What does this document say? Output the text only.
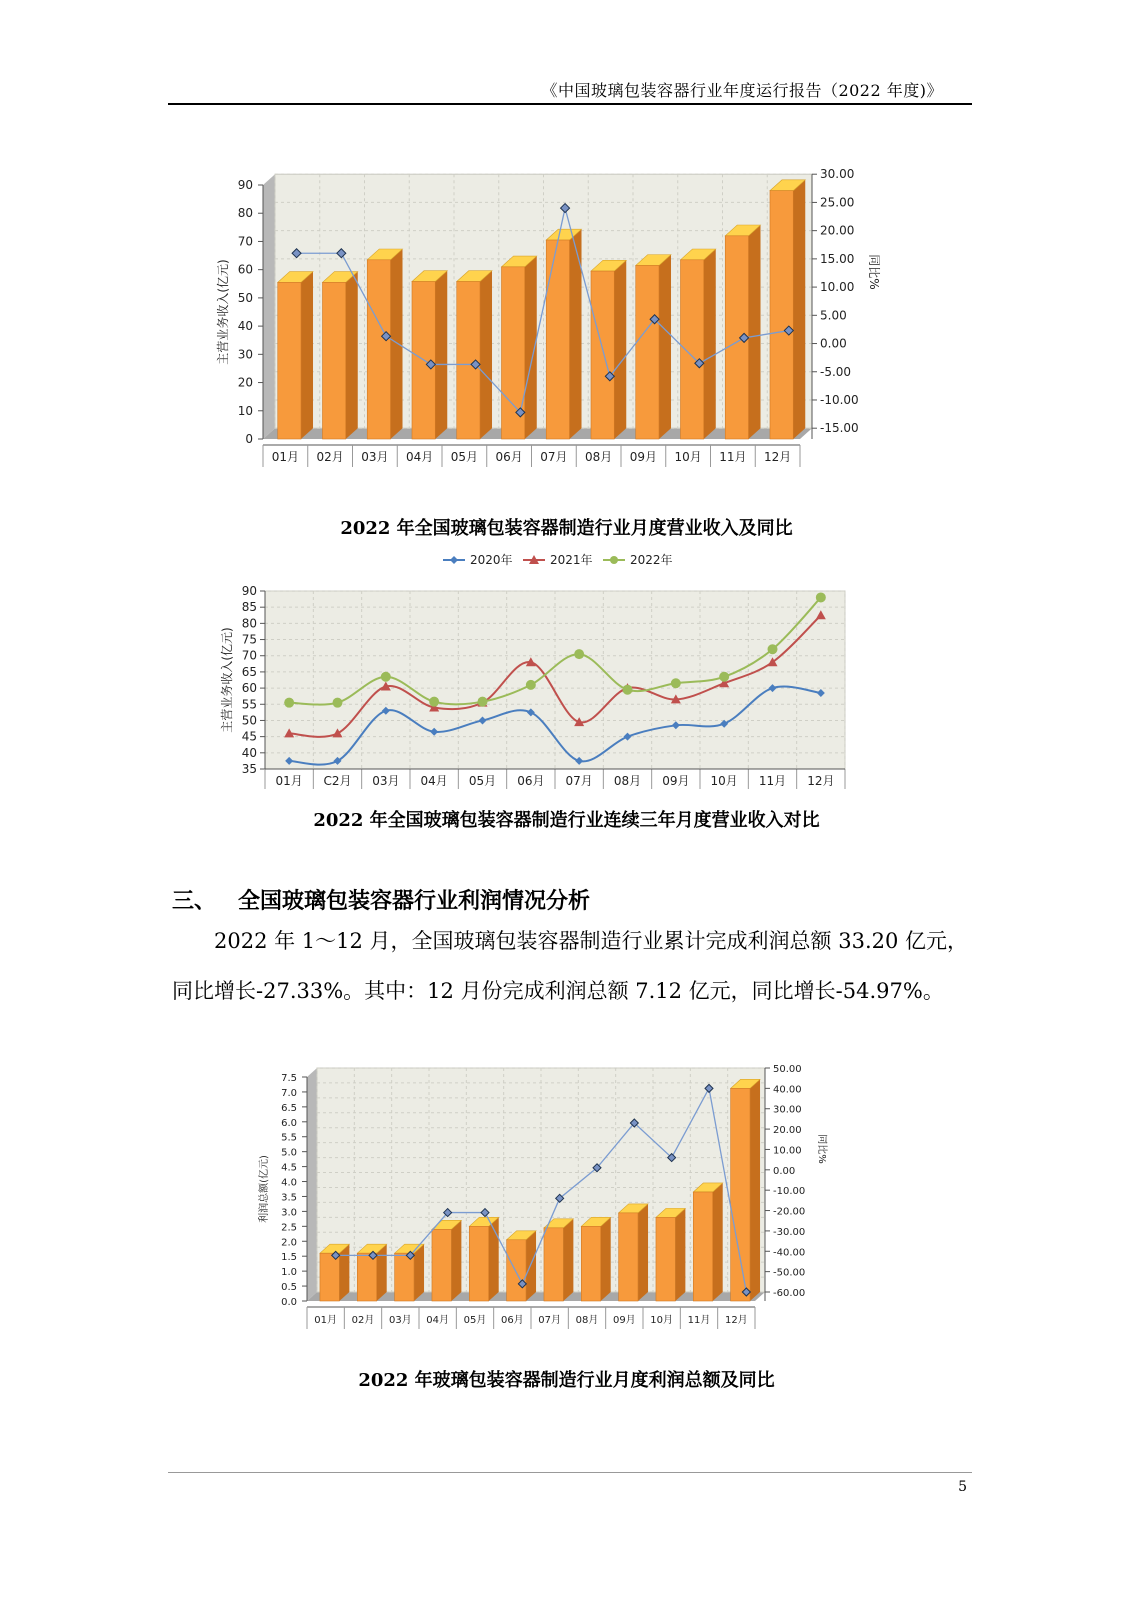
《中国玻璃包装容器行业年度运行报告（2022 年度)》
0
10
20
30
40
50
60
70
80
90
-15.00
-10.00
-5.00
0.00
5.00
10.00
15.00
20.00
25.00
30.00
01月 02月 03月 04月 05月 06月 07月 08月 09月 10月 11月 12月
主营业务收入(亿元)	同比%
2022 年全国玻璃包装容器制造行业月度营业收入及同比
35
40
45
50
55
60
65
70
75
80
85
90
01月 C2月 03月 04月 05月 06月 07月 08月 09月 10月 11月 12月
主营业务收入(亿元)
2020年	2021年	2022年
2022 年全国玻璃包装容器制造行业连续三年月度营业收入对比
三、 全国玻璃包装容器行业利润情况分析
2022 年 1～12 月，全国玻璃包装容器制造行业累计完成利润总额 33.20 亿元，
同比增长-27.33%。其中：12 月份完成利润总额 7.12 亿元，同比增长-54.97%。
0.0
0.5
1.0
1.5
2.0
2.5
3.0
3.5
4.0
4.5
5.0
5.5
6.0
6.5
7.0
7.5
-60.00
-50.00
-40.00
-30.00
-20.00
-10.00
0.00
10.00
20.00
30.00
40.00
50.00
01月 02月 03月 04月 05月 06月 07月 08月 09月 10月 11月 12月
利润总额(亿元)
同比%
2022 年玻璃包装容器制造行业月度利润总额及同比
5
